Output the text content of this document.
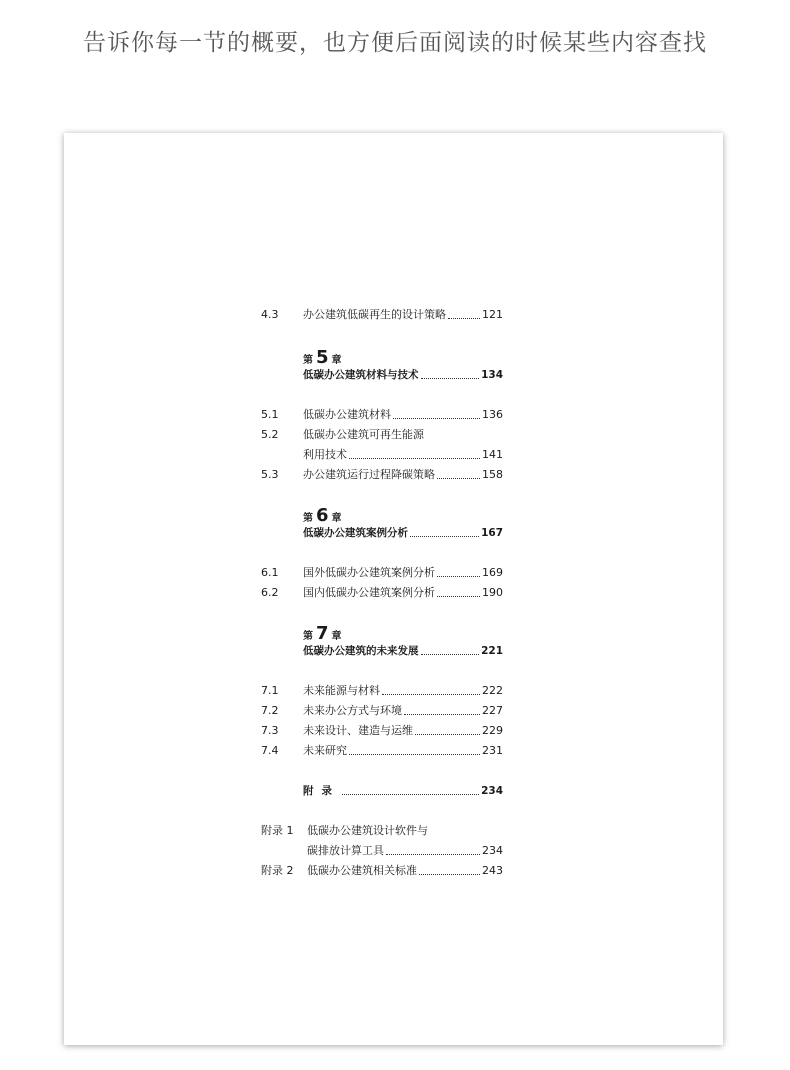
告诉你每一节的概要，也方便后面阅读的时候某些内容查找
4.3	办公建筑低碳再生的设计策略	121
第 5 章
低碳办公建筑材料与技术	134
5.1	低碳办公建筑材料	136
5.2	低碳办公建筑可再生能源
利用技术	141
5.3	办公建筑运行过程降碳策略	158
第 6 章
低碳办公建筑案例分析	167
6.1	国外低碳办公建筑案例分析	169
6.2	国内低碳办公建筑案例分析	190
第 7 章
低碳办公建筑的未来发展	221
7.1	未来能源与材料	222
7.2	未来办公方式与环境	227
7.3	未来设计、建造与运维	229
7.4	未来研究	231
附录	234
附录 1	低碳办公建筑设计软件与
碳排放计算工具	234
附录 2	低碳办公建筑相关标准	243
